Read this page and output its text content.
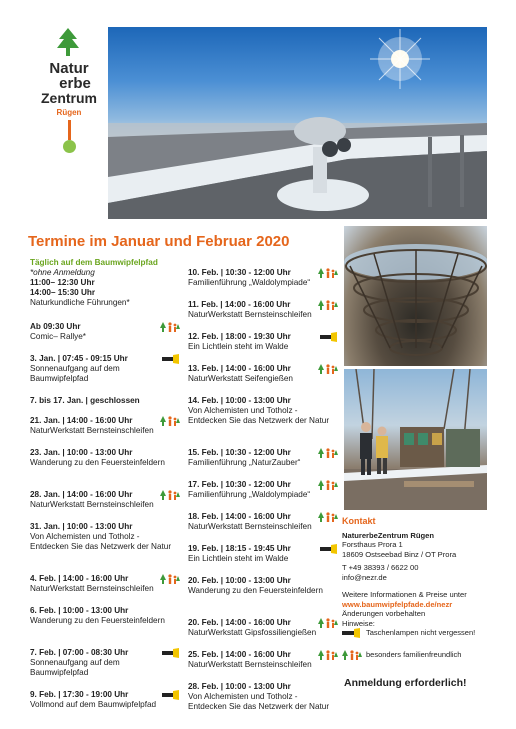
Natur
erbe
Zentrum
Rügen
Termine im Januar und Februar 2020
Täglich auf dem Baumwipfelpfad
*ohne Anmeldung
11:00– 12:30 Uhr
14:00– 15:30 Uhr
Naturkundliche Führungen*
Ab 09:30 Uhr
Comic– Rallye*
3. Jan. | 07:45 - 09:15 Uhr
Sonnenaufgang auf dem Baumwipfelpfad
7. bis 17. Jan. | geschlossen
21. Jan. | 14:00 - 16:00 Uhr
NaturWerkstatt Bernsteinschleifen
23. Jan. | 10:00 - 13:00 Uhr
Wanderung zu den Feuersteinfeldern
28. Jan. | 14:00 - 16:00 Uhr
NaturWerkstatt Bernsteinschleifen
31. Jan. | 10:00 - 13:00 Uhr
Von Alchemisten und Totholz - Entdecken Sie das Netzwerk der Natur
4. Feb. | 14:00 - 16:00 Uhr
NaturWerkstatt Bernsteinschleifen
6. Feb. | 10:00 - 13:00 Uhr
Wanderung zu den Feuersteinfeldern
7. Feb. | 07:00 - 08:30 Uhr
Sonnenaufgang auf dem Baumwipfelpfad
9. Feb. | 17:30 - 19:00 Uhr
Vollmond auf dem Baumwipfelpfad
10. Feb. | 10:30 - 12:00 Uhr
Familienführung „Waldolympiade“
11. Feb. | 14:00 - 16:00 Uhr
NaturWerkstatt Bernsteinschleifen
12. Feb. | 18:00 - 19:30 Uhr
Ein Lichtlein steht im Walde
13. Feb. | 14:00 - 16:00 Uhr
NaturWerkstatt Seifengießen
14. Feb. | 10:00 - 13:00 Uhr
Von Alchemisten und Totholz - Entdecken Sie das Netzwerk der Natur
15. Feb. | 10:30 - 12:00 Uhr
Familienführung „NaturZauber“
17. Feb. | 10:30 - 12:00 Uhr
Familienführung „Waldolympiade“
18. Feb. | 14:00 - 16:00 Uhr
NaturWerkstatt Bernsteinschleifen
19. Feb. | 18:15 - 19:45 Uhr
Ein Lichtlein steht im Walde
20. Feb. | 10:00 - 13:00 Uhr
Wanderung zu den Feuersteinfeldern
20. Feb. | 14:00 - 16:00 Uhr
NaturWerkstatt Gipsfossiliengießen
25. Feb. | 14:00 - 16:00 Uhr
NaturWerkstatt Bernsteinschleifen
28. Feb. | 10:00 - 13:00 Uhr
Von Alchemisten und Totholz - Entdecken Sie das Netzwerk der Natur
Kontakt
NaturerbeZentrum Rügen
Forsthaus Prora 1
18609 Ostseebad Binz / OT Prora
T +49 38393 / 6622 00
info@nezr.de
Weitere Informationen & Preise unter
www.baumwipfelpfade.de/nezr
Änderungen vorbehalten
Hinweise:
Taschenlampen nicht vergessen!
besonders familienfreundlich
Anmeldung erforderlich!
